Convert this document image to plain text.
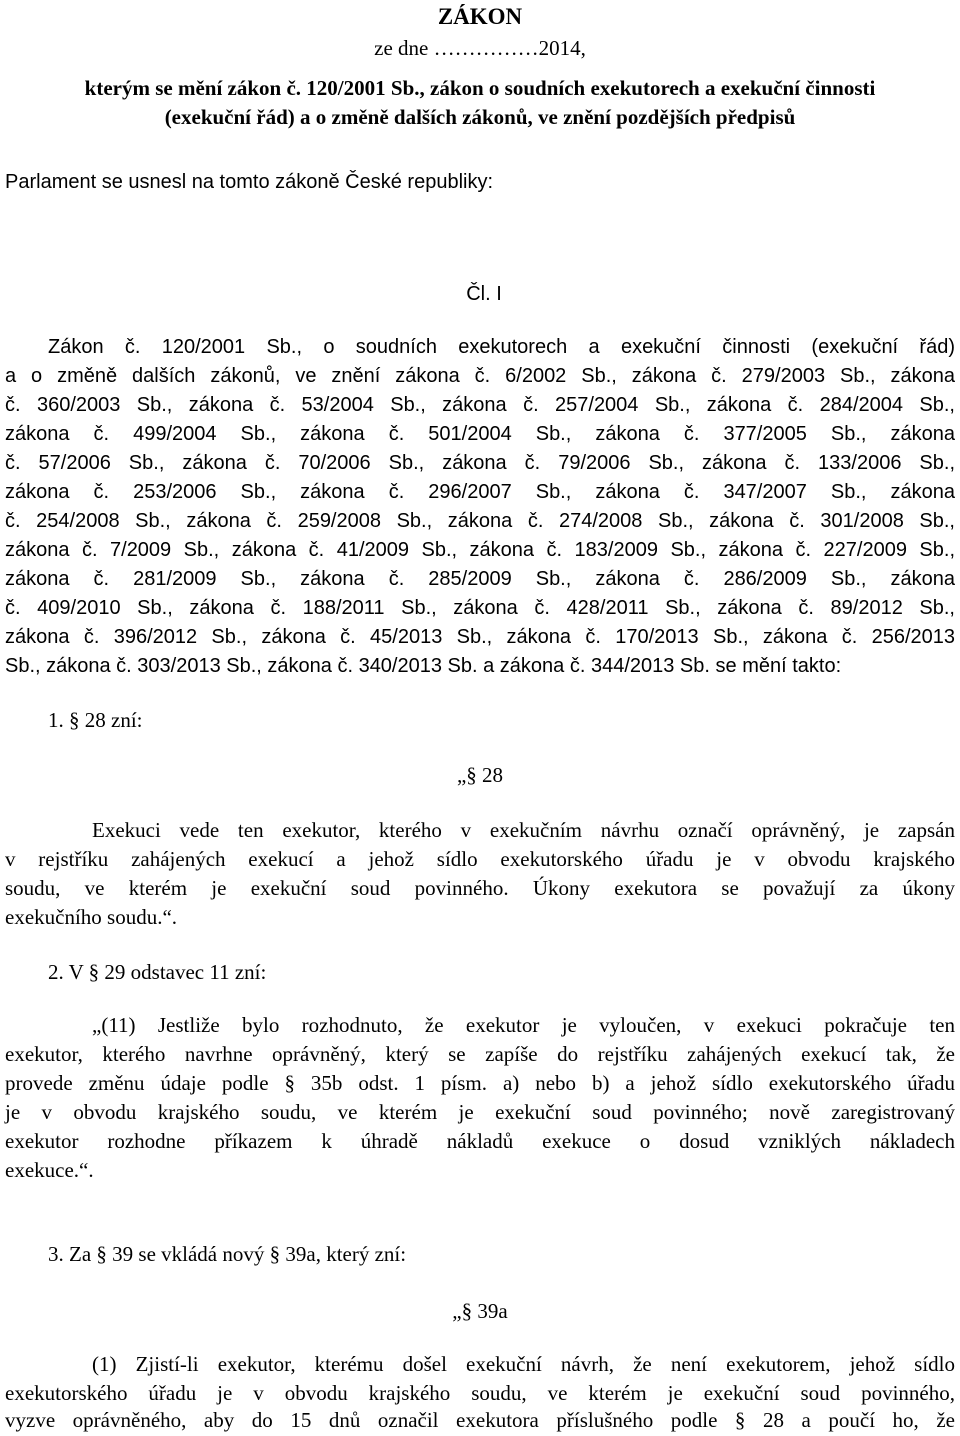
ZÁKON
ze dne ……………2014,
kterým se mění zákon č. 120/2001 Sb., zákon o soudních exekutorech a exekuční činnosti
(exekuční řád) a o změně dalších zákonů, ve znění pozdějších předpisů
Parlament se usnesl na tomto zákoně České republiky:
Čl. I
Zákon č. 120/2001 Sb., o soudních exekutorech a exekuční činnosti (exekuční řád)
a o změně dalších zákonů, ve znění zákona č. 6/2002 Sb., zákona č. 279/2003 Sb., zákona
č. 360/2003 Sb., zákona č. 53/2004 Sb., zákona č. 257/2004 Sb., zákona č. 284/2004 Sb.,
zákona č. 499/2004 Sb., zákona č. 501/2004 Sb., zákona č. 377/2005 Sb., zákona
č. 57/2006 Sb., zákona č. 70/2006 Sb., zákona č. 79/2006 Sb., zákona č. 133/2006 Sb.,
zákona č. 253/2006 Sb., zákona č. 296/2007 Sb., zákona č. 347/2007 Sb., zákona
č. 254/2008 Sb., zákona č. 259/2008 Sb., zákona č. 274/2008 Sb., zákona č. 301/2008 Sb.,
zákona č. 7/2009 Sb., zákona č. 41/2009 Sb., zákona č. 183/2009 Sb., zákona č. 227/2009 Sb.,
zákona č. 281/2009 Sb., zákona č. 285/2009 Sb., zákona č. 286/2009 Sb., zákona
č. 409/2010 Sb., zákona č. 188/2011 Sb., zákona č. 428/2011 Sb., zákona č. 89/2012 Sb.,
zákona č. 396/2012 Sb., zákona č. 45/2013 Sb., zákona č. 170/2013 Sb., zákona č. 256/2013
Sb., zákona č. 303/2013 Sb., zákona č. 340/2013 Sb. a zákona č. 344/2013 Sb. se mění takto:
1. § 28 zní:
„§ 28
Exekuci vede ten exekutor, kterého v exekučním návrhu označí oprávněný, je zapsán
v rejstříku zahájených exekucí a jehož sídlo exekutorského úřadu je v obvodu krajského
soudu, ve kterém je exekuční soud povinného. Úkony exekutora se považují za úkony
exekučního soudu.“.
2. V § 29 odstavec 11 zní:
„(11) Jestliže bylo rozhodnuto, že exekutor je vyloučen, v exekuci pokračuje ten
exekutor, kterého navrhne oprávněný, který se zapíše do rejstříku zahájených exekucí tak, že
provede změnu údaje podle § 35b odst. 1 písm. a) nebo b) a jehož sídlo exekutorského úřadu
je v obvodu krajského soudu, ve kterém je exekuční soud povinného; nově zaregistrovaný
exekutor rozhodne příkazem k úhradě nákladů exekuce o dosud vzniklých nákladech
exekuce.“.
3. Za § 39 se vkládá nový § 39a, který zní:
„§ 39a
(1) Zjistí-li exekutor, kterému došel exekuční návrh, že není exekutorem, jehož sídlo
exekutorského úřadu je v obvodu krajského soudu, ve kterém je exekuční soud povinného,
vyzve oprávněného, aby do 15 dnů označil exekutora příslušného podle § 28 a poučí ho, že
